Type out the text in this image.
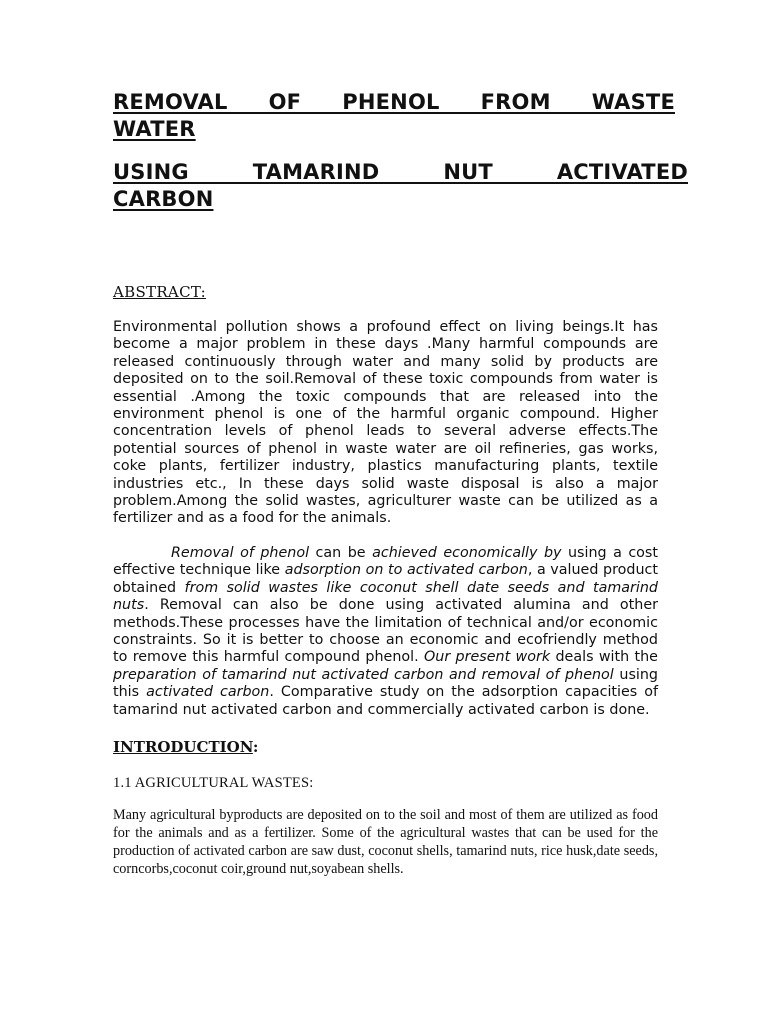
REMOVAL OF PHENOL FROM WASTE
WATER
USING TAMARIND NUT ACTIVATED
CARBON

ABSTRACT:

Environmental pollution shows a profound effect on living beings.It has become a major problem in these days .Many harmful compounds are released continuously through water and many solid by products are deposited on to the soil.Removal of these toxic compounds from water is essential .Among the toxic compounds that are released into the environment phenol is one of the harmful organic compound. Higher concentration levels of phenol leads to several adverse effects.The potential sources of phenol in waste water are oil refineries, gas works, coke plants, fertilizer industry, plastics manufacturing plants, textile industries etc., In these days solid waste disposal is also a major problem.Among the solid wastes, agriculturer waste can be utilized as a fertilizer and as a food for the animals.

Removal of phenol can be achieved economically by using a cost effective technique like adsorption on to activated carbon, a valued product obtained from solid wastes like coconut shell date seeds and tamarind nuts. Removal can also be done using activated alumina and other methods.These processes have the limitation of technical and/or economic constraints. So it is better to choose an economic and ecofriendly method to remove this harmful compound phenol. Our present work deals with the preparation of tamarind nut activated carbon and removal of phenol using this activated carbon. Comparative study on the adsorption capacities of tamarind nut activated carbon and commercially activated carbon is done.

INTRODUCTION:

1.1 AGRICULTURAL WASTES:

Many agricultural byproducts are deposited on to the soil and most of them are utilized as food for the animals and as a fertilizer. Some of the agricultural wastes that can be used for the production of activated carbon are saw dust, coconut shells, tamarind nuts, rice husk,date seeds, corncorbs,coconut coir,ground nut,soyabean shells.
